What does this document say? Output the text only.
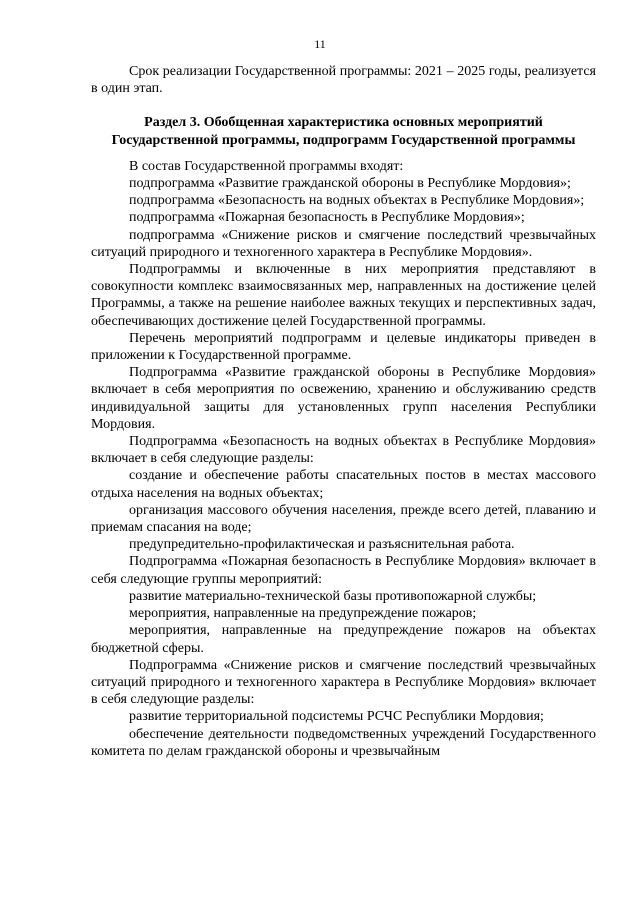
11

Срок реализации Государственной программы: 2021 – 2025 годы, реализуется в один этап.

Раздел 3. Обобщенная характеристика основных мероприятий
Государственной программы, подпрограмм Государственной программы

В состав Государственной программы входят:

подпрограмма «Развитие гражданской обороны в Республике Мордовия»;

подпрограмма «Безопасность на водных объектах в Республике Мордовия»;

подпрограмма «Пожарная безопасность в Республике Мордовия»;

подпрограмма «Снижение рисков и смягчение последствий чрезвычайных ситуаций природного и техногенного характера в Республике Мордовия».

Подпрограммы и включенные в них мероприятия представляют в совокупности комплекс взаимосвязанных мер, направленных на достижение целей Программы, а также на решение наиболее важных текущих и перспективных задач, обеспечивающих достижение целей Государственной программы.

Перечень мероприятий подпрограмм и целевые индикаторы приведен в приложении к Государственной программе.

Подпрограмма «Развитие гражданской обороны в Республике Мордовия» включает в себя мероприятия по освежению, хранению и обслуживанию средств индивидуальной защиты для установленных групп населения Республики Мордовия.

Подпрограмма «Безопасность на водных объектах в Республике Мордовия» включает в себя следующие разделы:

создание и обеспечение работы спасательных постов в местах массового отдыха населения на водных объектах;

организация массового обучения населения, прежде всего детей, плаванию и приемам спасания на воде;

предупредительно-профилактическая и разъяснительная работа.

Подпрограмма «Пожарная безопасность в Республике Мордовия» включает в себя следующие группы мероприятий:

развитие материально-технической базы противопожарной службы;

мероприятия, направленные на предупреждение пожаров;

мероприятия, направленные на предупреждение пожаров на объектах бюджетной сферы.

Подпрограмма «Снижение рисков и смягчение последствий чрезвычайных ситуаций природного и техногенного характера в Республике Мордовия» включает в себя следующие разделы:

развитие территориальной подсистемы РСЧС Республики Мордовия;

обеспечение деятельности подведомственных учреждений Государственного комитета по делам гражданской обороны и чрезвычайным
